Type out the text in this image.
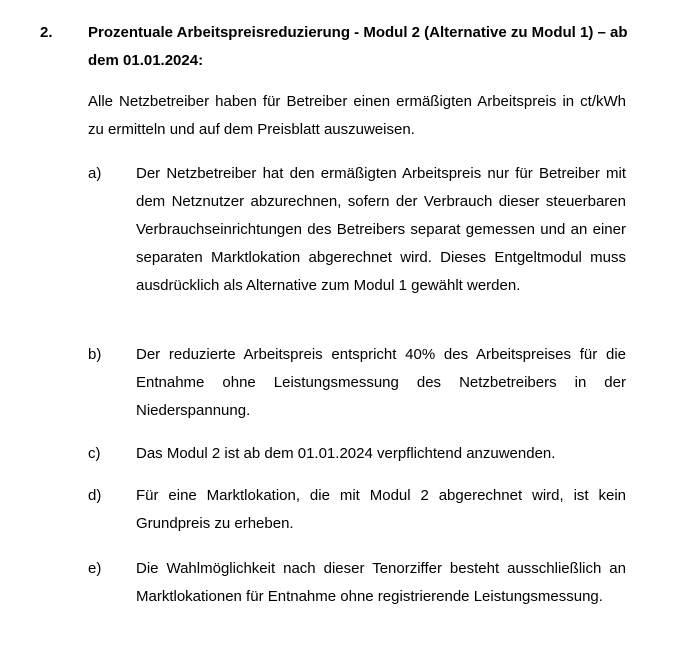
2. Prozentuale Arbeitspreisreduzierung - Modul 2 (Alternative zu Modul 1) – ab dem 01.01.2024:
Alle Netzbetreiber haben für Betreiber einen ermäßigten Arbeitspreis in ct/kWh zu ermitteln und auf dem Preisblatt auszuweisen.
a) Der Netzbetreiber hat den ermäßigten Arbeitspreis nur für Betreiber mit dem Netznutzer abzurechnen, sofern der Verbrauch dieser steuerbaren Verbrauchseinrichtungen des Betreibers separat gemessen und an einer separaten Marktlokation abgerechnet wird. Dieses Entgeltmodul muss ausdrücklich als Alternative zum Modul 1 gewählt werden.
b) Der reduzierte Arbeitspreis entspricht 40% des Arbeitspreises für die Entnahme ohne Leistungsmessung des Netzbetreibers in der Niederspannung.
c) Das Modul 2 ist ab dem 01.01.2024 verpflichtend anzuwenden.
d) Für eine Marktlokation, die mit Modul 2 abgerechnet wird, ist kein Grundpreis zu erheben.
e) Die Wahlmöglichkeit nach dieser Tenorziffer besteht ausschließlich an Marktlokationen für Entnahme ohne registrierende Leistungsmessung.
